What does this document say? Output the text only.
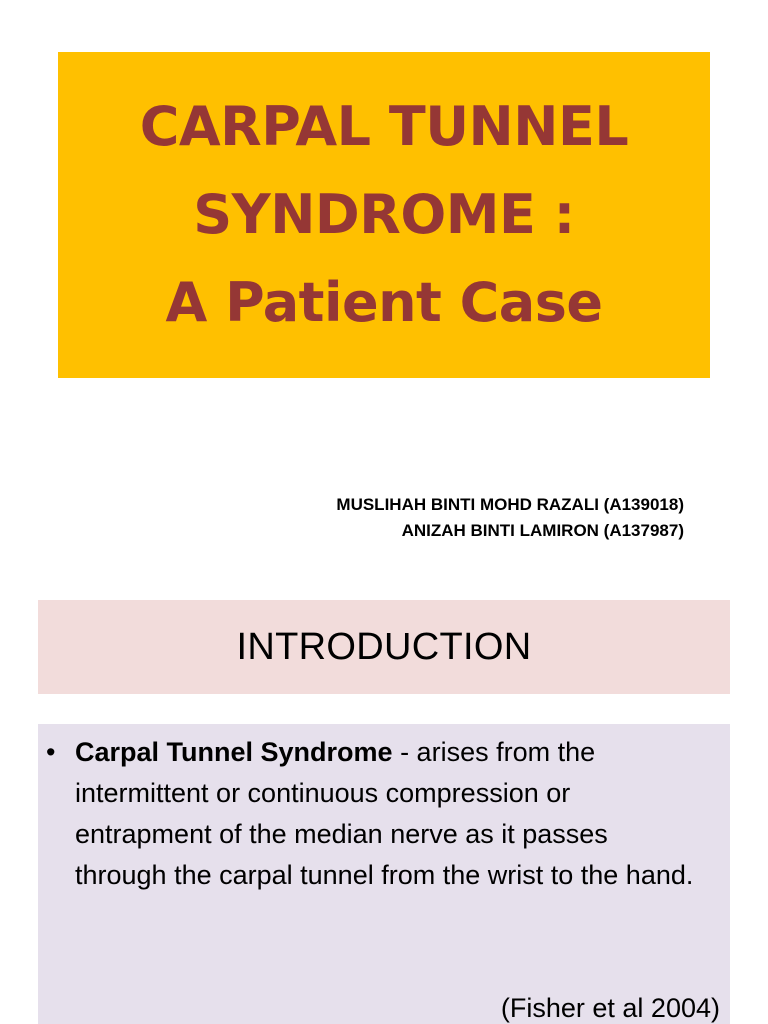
CARPAL TUNNEL
SYNDROME :
A Patient Case
MUSLIHAH BINTI MOHD RAZALI (A139018)
ANIZAH BINTI LAMIRON (A137987)
INTRODUCTION
• Carpal Tunnel Syndrome - arises from the intermittent or continuous compression or entrapment of the median nerve as it passes through the carpal tunnel from the wrist to the hand.
(Fisher et al 2004)
